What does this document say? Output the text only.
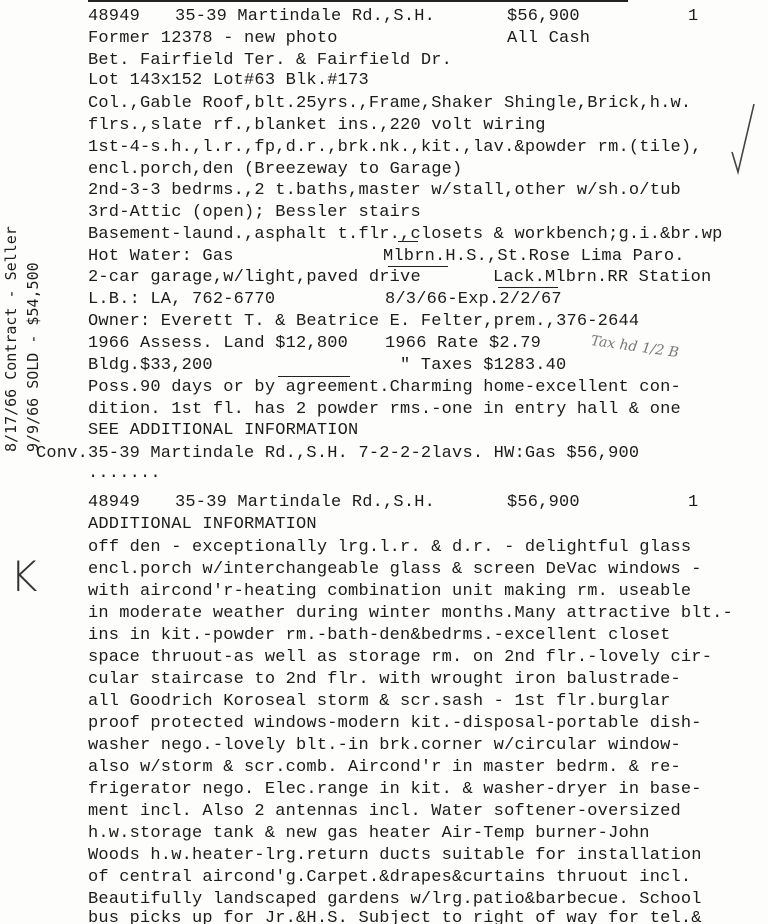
48949 35-39 Martindale Rd.,S.H.	$56,900	1
Former 12378 - new photo	All Cash
Bet. Fairfield Ter. & Fairfield Dr.
Lot 143x152 Lot#63 Blk.#173
Col.,Gable Roof,blt.25yrs.,Frame,Shaker Shingle,Brick,h.w.
flrs.,slate rf.,blanket ins.,220 volt wiring
1st-4-s.h.,l.r.,fp,d.r.,brk.nk.,kit.,lav.&powder rm.(tile),
encl.porch,den (Breezeway to Garage)
2nd-3-3 bedrms.,2 t.baths,master w/stall,other w/sh.o/tub
3rd-Attic (open); Bessler stairs
Basement-laund.,asphalt t.flr.,closets & workbench;g.i.&br.wp
Hot Water: Gas	Mlbrn.H.S.,St.Rose Lima Paro.
2-car garage,w/light,paved drive	Lack.Mlbrn.RR Station
L.B.: LA, 762-6770	8/3/66-Exp.2/2/67
Owner: Everett T. & Beatrice E. Felter,prem.,376-2644
1966 Assess. Land $12,800 1966 Rate $2.79
Bldg.$33,200	" Taxes $1283.40
Poss.90 days or by agreement.Charming home-excellent con-
dition. 1st fl. has 2 powder rms.-one in entry hall & one
SEE ADDITIONAL INFORMATION
Conv. 35-39 Martindale Rd.,S.H. 7-2-2-2lavs. HW:Gas $56,900
.......
8/17/66 Contract - Seller 9/9/66 SOLD - $54,500
K
Tax hd 1/2 B
48949 35-39 Martindale Rd.,S.H.	$56,900	1
ADDITIONAL INFORMATION
off den - exceptionally lrg.l.r. & d.r. - delightful glass
encl.porch w/interchangeable glass & screen DeVac windows -
with aircond'r-heating combination unit making rm. useable
in moderate weather during winter months.Many attractive blt.-
ins in kit.-powder rm.-bath-den&bedrms.-excellent closet
space thruout-as well as storage rm. on 2nd flr.-lovely cir-
cular staircase to 2nd flr. with wrought iron balustrade-
all Goodrich Koroseal storm & scr.sash - 1st flr.burglar
proof protected windows-modern kit.-disposal-portable dish-
washer nego.-lovely blt.-in brk.corner w/circular window-
also w/storm & scr.comb. Aircond'r in master bedrm. & re-
frigerator nego. Elec.range in kit. & washer-dryer in base-
ment incl. Also 2 antennas incl. Water softener-oversized
h.w.storage tank & new gas heater Air-Temp burner-John
Woods h.w.heater-lrg.return ducts suitable for installation
of central aircond'g.Carpet.&drapes&curtains thruout incl.
Beautifully landscaped gardens w/lrg.patio&barbecue. School
bus picks up for Jr.&H.S. Subject to right of way for tel.&
